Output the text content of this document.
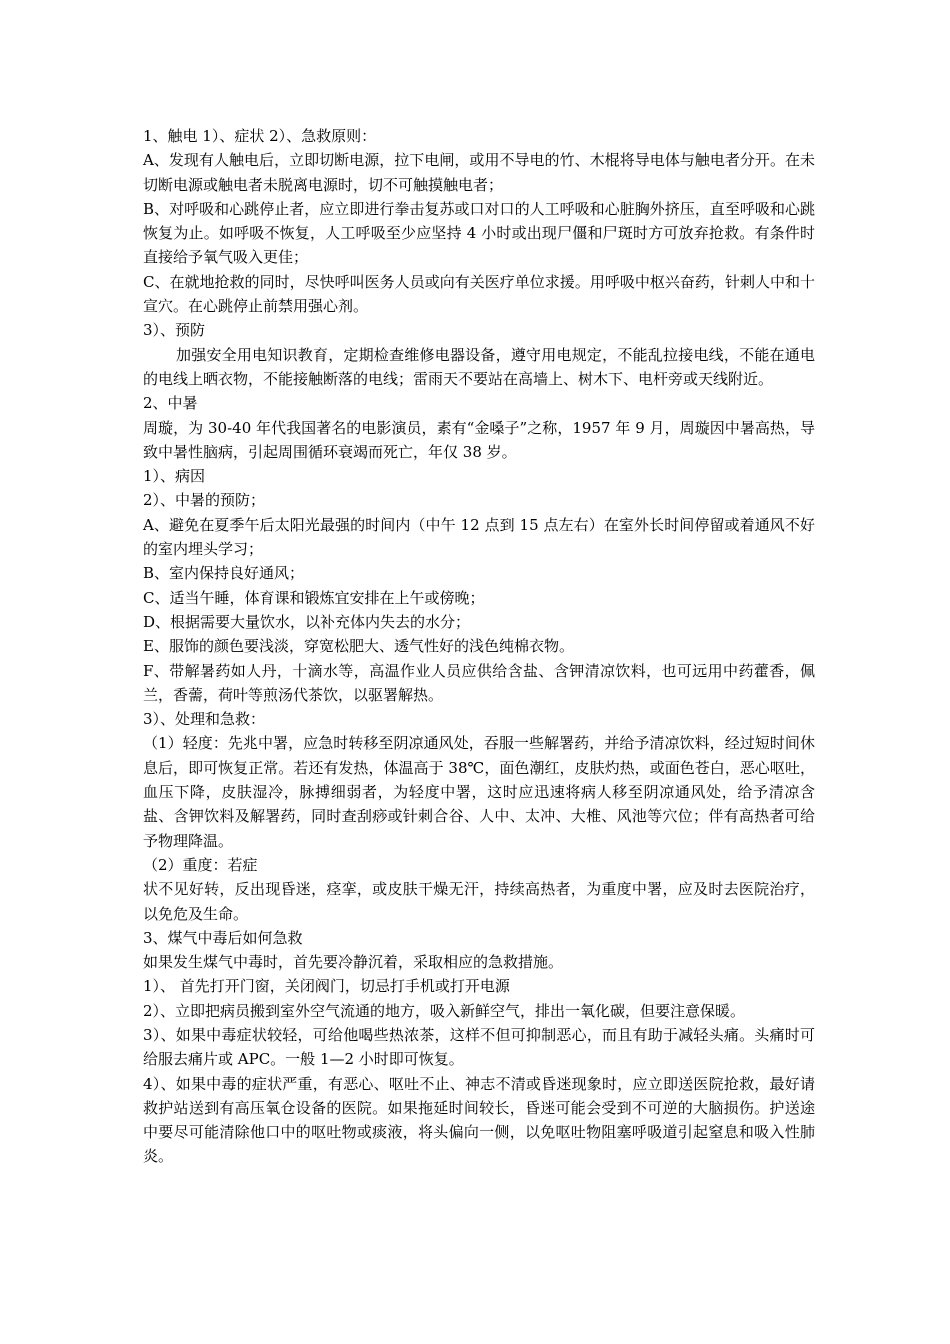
1、触电 1）、症状 2）、急救原则：

A、发现有人触电后，立即切断电源，拉下电闸，或用不导电的竹、木棍将导电体与触电者分开。在未切断电源或触电者未脱离电源时，切不可触摸触电者；

B、对呼吸和心跳停止者，应立即进行拳击复苏或口对口的人工呼吸和心脏胸外挤压，直至呼吸和心跳恢复为止。如呼吸不恢复，人工呼吸至少应坚持 4 小时或出现尸僵和尸斑时方可放弃抢救。有条件时直接给予氧气吸入更佳；

C、在就地抢救的同时，尽快呼叫医务人员或向有关医疗单位求援。用呼吸中枢兴奋药，针刺人中和十宣穴。在心跳停止前禁用强心剂。

3）、预防

加强安全用电知识教育，定期检查维修电器设备，遵守用电规定，不能乱拉接电线，不能在通电的电线上晒衣物，不能接触断落的电线；雷雨天不要站在高墙上、树木下、电杆旁或天线附近。

2、中暑

周璇，为 30-40 年代我国著名的电影演员，素有“金嗓子”之称，1957 年 9 月，周璇因中暑高热，导致中暑性脑病，引起周围循环衰竭而死亡，年仅 38 岁。

1）、病因

2）、中暑的预防；

A、避免在夏季午后太阳光最强的时间内（中午 12 点到 15 点左右）在室外长时间停留或着通风不好的室内埋头学习；

B、室内保持良好通风；

C、适当午睡，体育课和锻炼宜安排在上午或傍晚；

D、根据需要大量饮水，以补充体内失去的水分；

E、服饰的颜色要浅淡，穿宽松肥大、透气性好的浅色纯棉衣物。

F、带解暑药如人丹，十滴水等，高温作业人员应供给含盐、含钾清凉饮料，也可远用中药藿香，佩兰，香薷，荷叶等煎汤代茶饮，以驱署解热。

3）、处理和急救：

（1）轻度：先兆中署，应急时转移至阴凉通风处，吞服一些解署药，并给予清凉饮料，经过短时间休息后，即可恢复正常。若还有发热，体温高于 38℃，面色潮红，皮肤灼热，或面色苍白，恶心呕吐，血压下降，皮肤湿冷，脉搏细弱者，为轻度中署，这时应迅速将病人移至阴凉通风处，给予清凉含盐、含钾饮料及解署药，同时查刮痧或针刺合谷、人中、太冲、大椎、风池等穴位；伴有高热者可给予物理降温。

（2）重度：若症

状不见好转，反出现昏迷，痉挛，或皮肤干燥无汗，持续高热者，为重度中署，应及时去医院治疗，以免危及生命。

3、煤气中毒后如何急救

如果发生煤气中毒时，首先要冷静沉着，采取相应的急救措施。

1）、 首先打开门窗，关闭阀门，切忌打手机或打开电源

2）、立即把病员搬到室外空气流通的地方，吸入新鲜空气，排出一氧化碳，但要注意保暖。

3）、如果中毒症状较轻，可给他喝些热浓茶，这样不但可抑制恶心，而且有助于减轻头痛。头痛时可给服去痛片或 APC。一般 1—2 小时即可恢复。

4）、如果中毒的症状严重，有恶心、呕吐不止、神志不清或昏迷现象时，应立即送医院抢救，最好请救护站送到有高压氧仓设备的医院。如果拖延时间较长，昏迷可能会受到不可逆的大脑损伤。护送途中要尽可能清除他口中的呕吐物或痰液，将头偏向一侧，以免呕吐物阻塞呼吸道引起窒息和吸入性肺炎。
